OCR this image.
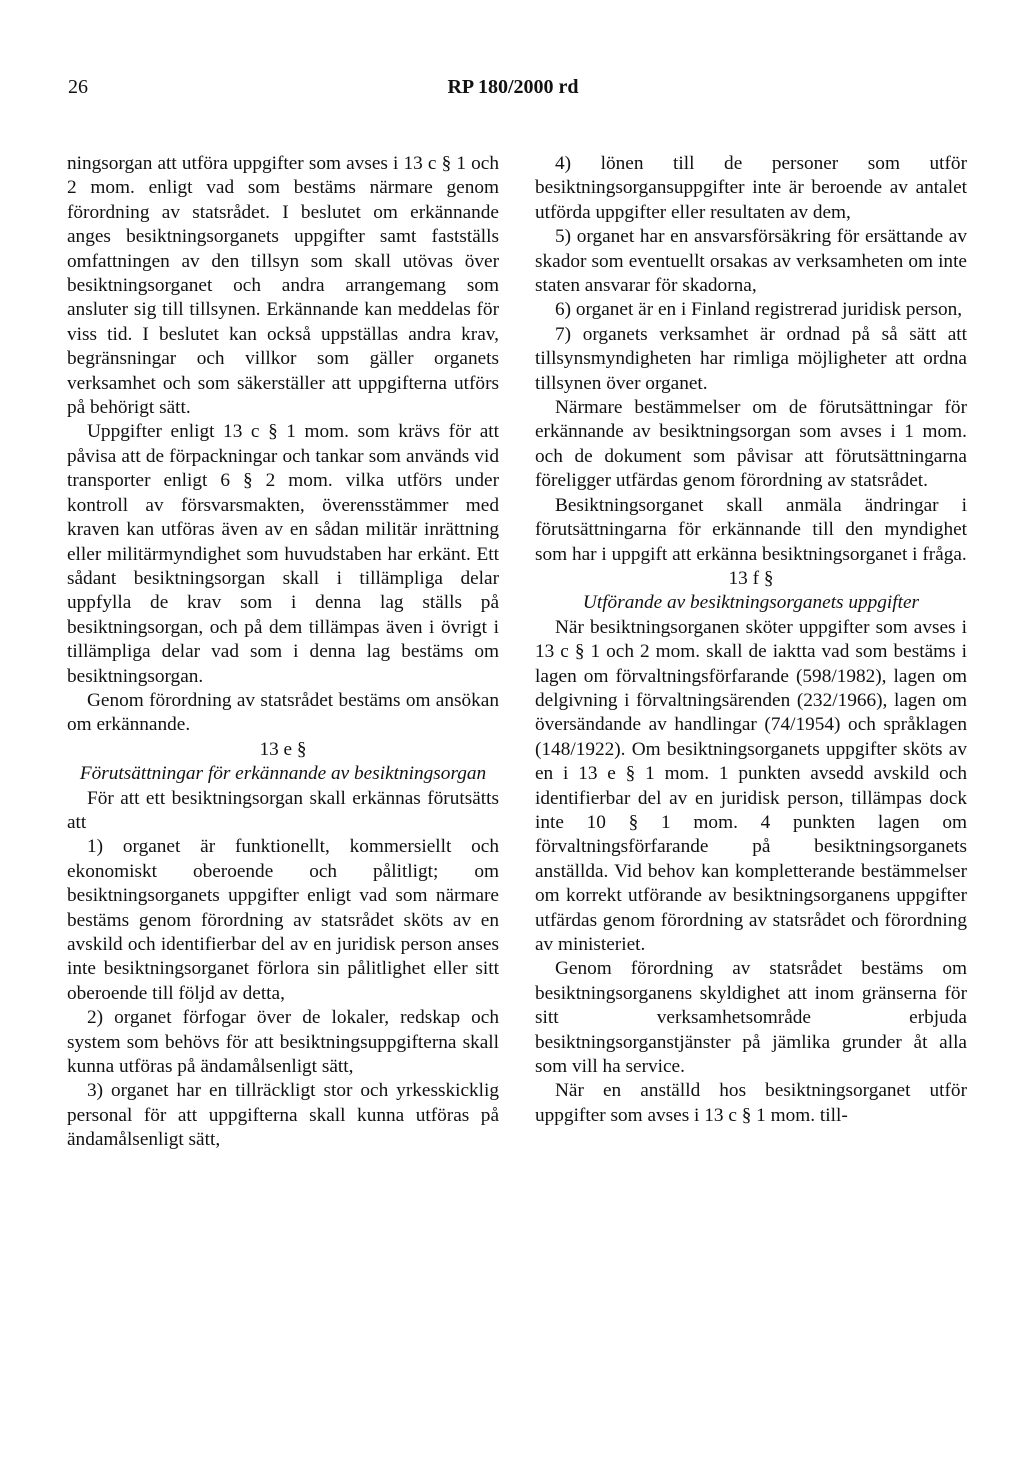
26	RP 180/2000 rd

ningsorgan att utföra uppgifter som avses i 13 c § 1 och 2 mom. enligt vad som bestäms närmare genom förordning av statsrådet. I beslutet om erkännande anges besiktningsorganets uppgifter samt fastställs omfattningen av den tillsyn som skall utövas över besiktningsorganet och andra arrangemang som ansluter sig till tillsynen. Erkännande kan meddelas för viss tid. I beslutet kan också uppställas andra krav, begränsningar och villkor som gäller organets verksamhet och som säkerställer att uppgifterna utförs på behörigt sätt.

Uppgifter enligt 13 c § 1 mom. som krävs för att påvisa att de förpackningar och tankar som används vid transporter enligt 6 § 2 mom. vilka utförs under kontroll av försvarsmakten, överensstämmer med kraven kan utföras även av en sådan militär inrättning eller militärmyndighet som huvudstaben har erkänt. Ett sådant besiktningsorgan skall i tillämpliga delar uppfylla de krav som i denna lag ställs på besiktningsorgan, och på dem tillämpas även i övrigt i tillämpliga delar vad som i denna lag bestäms om besiktningsorgan.

Genom förordning av statsrådet bestäms om ansökan om erkännande.

13 e §

Förutsättningar för erkännande av besiktningsorgan

För att ett besiktningsorgan skall erkännas förutsätts att

1) organet är funktionellt, kommersiellt och ekonomiskt oberoende och pålitligt; om besiktningsorganets uppgifter enligt vad som närmare bestäms genom förordning av statsrådet sköts av en avskild och identifierbar del av en juridisk person anses inte besiktningsorganet förlora sin pålitlighet eller sitt oberoende till följd av detta,

2) organet förfogar över de lokaler, redskap och system som behövs för att besiktningsuppgifterna skall kunna utföras på ändamålsenligt sätt,

3) organet har en tillräckligt stor och yrkesskicklig personal för att uppgifterna skall kunna utföras på ändamålsenligt sätt,

4) lönen till de personer som utför besiktningsorgansuppgifter inte är beroende av antalet utförda uppgifter eller resultaten av dem,

5) organet har en ansvarsförsäkring för ersättande av skador som eventuellt orsakas av verksamheten om inte staten ansvarar för skadorna,

6) organet är en i Finland registrerad juridisk person,

7) organets verksamhet är ordnad på så sätt att tillsynsmyndigheten har rimliga möjligheter att ordna tillsynen över organet.

Närmare bestämmelser om de förutsättningar för erkännande av besiktningsorgan som avses i 1 mom. och de dokument som påvisar att förutsättningarna föreligger utfärdas genom förordning av statsrådet.

Besiktningsorganet skall anmäla ändringar i förutsättningarna för erkännande till den myndighet som har i uppgift att erkänna besiktningsorganet i fråga.

13 f §

Utförande av besiktningsorganets uppgifter

När besiktningsorganen sköter uppgifter som avses i 13 c § 1 och 2 mom. skall de iaktta vad som bestäms i lagen om förvaltningsförfarande (598/1982), lagen om delgivning i förvaltningsärenden (232/1966), lagen om översändande av handlingar (74/1954) och språklagen (148/1922). Om besiktningsorganets uppgifter sköts av en i 13 e § 1 mom. 1 punkten avsedd avskild och identifierbar del av en juridisk person, tillämpas dock inte 10 § 1 mom. 4 punkten lagen om förvaltningsförfarande på besiktningsorganets anställda. Vid behov kan kompletterande bestämmelser om korrekt utförande av besiktningsorganens uppgifter utfärdas genom förordning av statsrådet och förordning av ministeriet.

Genom förordning av statsrådet bestäms om besiktningsorganens skyldighet att inom gränserna för sitt verksamhetsområde erbjuda besiktningsorganstjänster på jämlika grunder åt alla som vill ha service.

När en anställd hos besiktningsorganet utför uppgifter som avses i 13 c § 1 mom. till-
